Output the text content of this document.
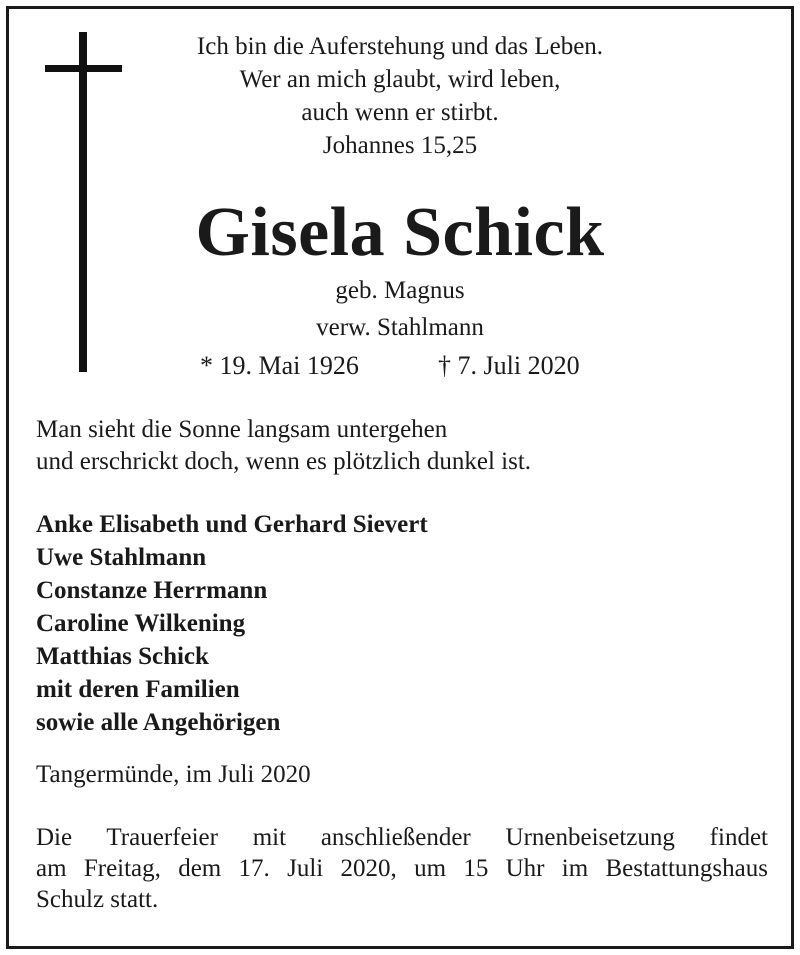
Ich bin die Auferstehung und das Leben.
Wer an mich glaubt, wird leben,
auch wenn er stirbt.
Johannes 15,25
Gisela Schick
geb. Magnus
verw. Stahlmann
* 19. Mai 1926	† 7. Juli 2020
Man sieht die Sonne langsam untergehen
und erschrickt doch, wenn es plötzlich dunkel ist.
Anke Elisabeth und Gerhard Sievert
Uwe Stahlmann
Constanze Herrmann
Caroline Wilkening
Matthias Schick
mit deren Familien
sowie alle Angehörigen
Tangermünde, im Juli 2020
Die Trauerfeier mit anschließender Urnenbeisetzung findet
am Freitag, dem 17. Juli 2020, um 15 Uhr im Bestattungshaus
Schulz statt.
